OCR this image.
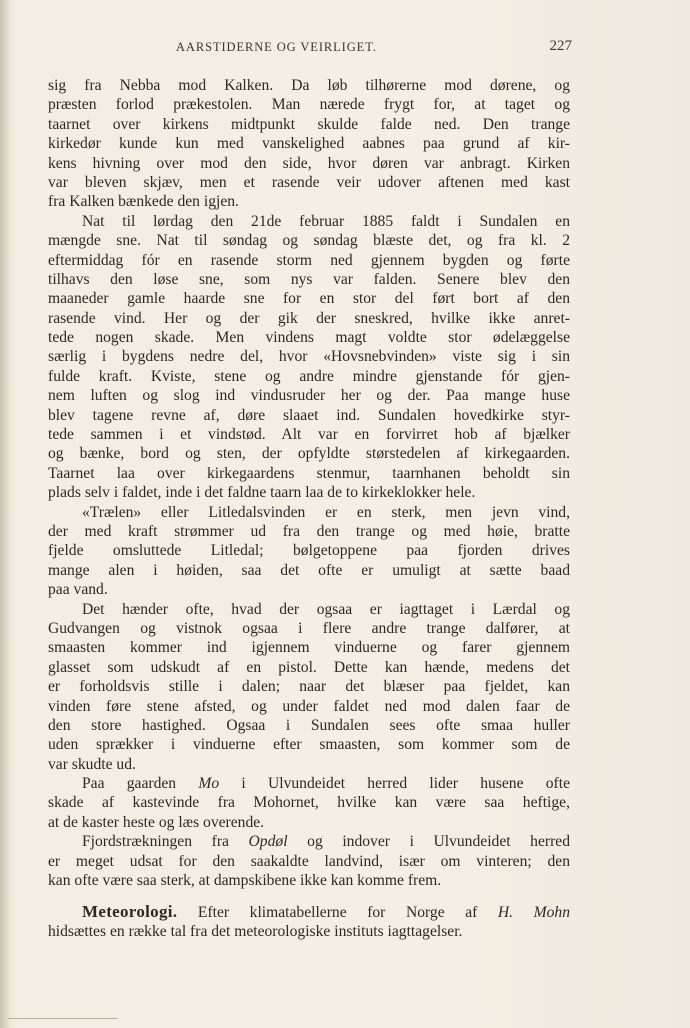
AARSTIDERNE OG VEIRLIGET.	227
sig fra Nebba mod Kalken. Da løb tilhørerne mod dørene, og
præsten forlod prækestolen. Man nærede frygt for, at taget og
taarnet over kirkens midtpunkt skulde falde ned. Den trange
kirkedør kunde kun med vanskelighed aabnes paa grund af kir-
kens hivning over mod den side, hvor døren var anbragt. Kirken
var bleven skjæv, men et rasende veir udover aftenen med kast
fra Kalken bænkede den igjen.
Nat til lørdag den 21de februar 1885 faldt i Sundalen en
mængde sne. Nat til søndag og søndag blæste det, og fra kl. 2
eftermiddag fór en rasende storm ned gjennem bygden og førte
tilhavs den løse sne, som nys var falden. Senere blev den
maaneder gamle haarde sne for en stor del ført bort af den
rasende vind. Her og der gik der sneskred, hvilke ikke anret-
tede nogen skade. Men vindens magt voldte stor ødelæggelse
særlig i bygdens nedre del, hvor «Hovsnebvinden» viste sig i sin
fulde kraft. Kviste, stene og andre mindre gjenstande fór gjen-
nem luften og slog ind vindusruder her og der. Paa mange huse
blev tagene revne af, døre slaaet ind. Sundalen hovedkirke styr-
tede sammen i et vindstød. Alt var en forvirret hob af bjælker
og bænke, bord og sten, der opfyldte størstedelen af kirkegaarden.
Taarnet laa over kirkegaardens stenmur, taarnhanen beholdt sin
plads selv i faldet, inde i det faldne taarn laa de to kirkeklokker hele.
«Trælen» eller Litledalsvinden er en sterk, men jevn vind,
der med kraft strømmer ud fra den trange og med høie, bratte
fjelde omsluttede Litledal; bølgetoppene paa fjorden drives
mange alen i høiden, saa det ofte er umuligt at sætte baad
paa vand.
Det hænder ofte, hvad der ogsaa er iagttaget i Lærdal og
Gudvangen og vistnok ogsaa i flere andre trange dalfører, at
smaasten kommer ind igjennem vinduerne og farer gjennem
glasset som udskudt af en pistol. Dette kan hænde, medens det
er forholdsvis stille i dalen; naar det blæser paa fjeldet, kan
vinden føre stene afsted, og under faldet ned mod dalen faar de
den store hastighed. Ogsaa i Sundalen sees ofte smaa huller
uden sprækker i vinduerne efter smaasten, som kommer som de
var skudte ud.
Paa gaarden Mo i Ulvundeidet herred lider husene ofte
skade af kastevinde fra Mohornet, hvilke kan være saa heftige,
at de kaster heste og læs overende.
Fjordstrækningen fra Opdøl og indover i Ulvundeidet herred
er meget udsat for den saakaldte landvind, især om vinteren; den
kan ofte være saa sterk, at dampskibene ikke kan komme frem.
Meteorologi. Efter klimatabellerne for Norge af H. Mohn
hidsættes en række tal fra det meteorologiske instituts iagttagelser.
